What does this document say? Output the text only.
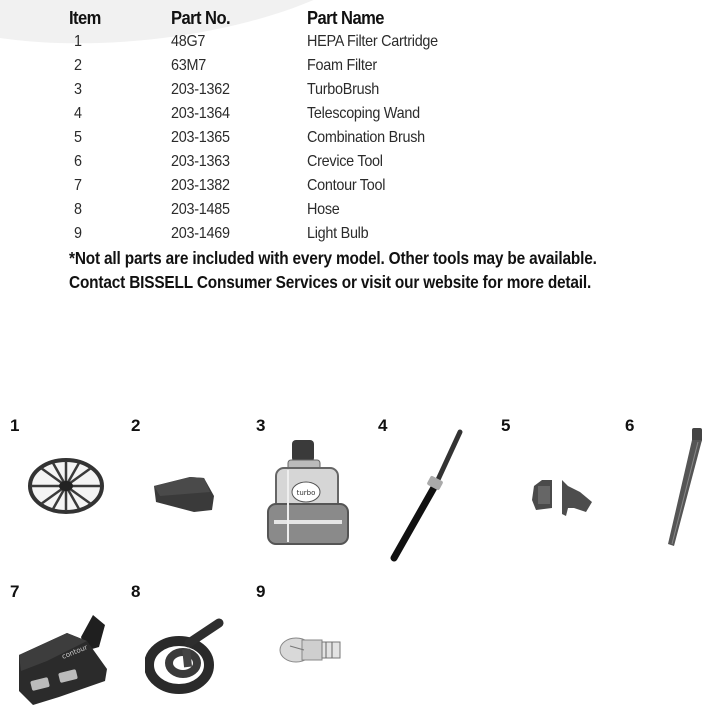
Item	Part No.	Part Name
1	48G7	HEPA Filter Cartridge
2	63M7	Foam Filter
3	203-1362	TurboBrush
4	203-1364	Telescoping Wand
5	203-1365	Combination Brush
6	203-1363	Crevice Tool
7	203-1382	Contour Tool
8	203-1485	Hose
9	203-1469	Light Bulb
*Not all parts are included with every model. Other tools may be available.
Contact BISSELL Consumer Services or visit our website for more detail.
1	2	3
turbo
4	5	6
7
contour
8	9
